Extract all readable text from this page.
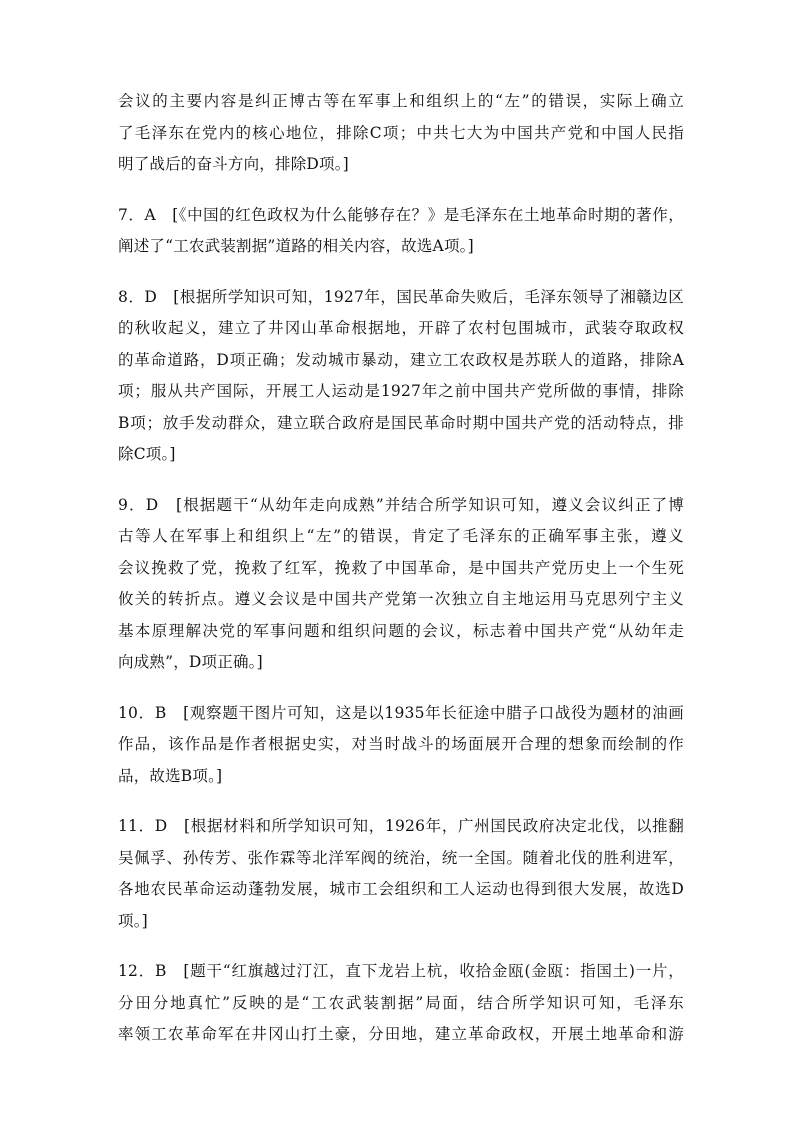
会议的主要内容是纠正博古等在军事上和组织上的“左”的错误，实际上确立
了毛泽东在党内的核心地位，排除C项；中共七大为中国共产党和中国人民指
明了战后的奋斗方向，排除D项。]
7．A　[《中国的红色政权为什么能够存在？》是毛泽东在土地革命时期的著作，
阐述了“工农武装割据”道路的相关内容，故选A项。]
8．D　[根据所学知识可知，1927年，国民革命失败后，毛泽东领导了湘赣边区
的秋收起义，建立了井冈山革命根据地，开辟了农村包围城市，武装夺取政权
的革命道路，D项正确；发动城市暴动，建立工农政权是苏联人的道路，排除A
项；服从共产国际，开展工人运动是1927年之前中国共产党所做的事情，排除
B项；放手发动群众，建立联合政府是国民革命时期中国共产党的活动特点，排
除C项。]
9．D　[根据题干“从幼年走向成熟”并结合所学知识可知，遵义会议纠正了博
古等人在军事上和组织上“左”的错误，肯定了毛泽东的正确军事主张，遵义
会议挽救了党，挽救了红军，挽救了中国革命，是中国共产党历史上一个生死
攸关的转折点。遵义会议是中国共产党第一次独立自主地运用马克思列宁主义
基本原理解决党的军事问题和组织问题的会议，标志着中国共产党“从幼年走
向成熟”，D项正确。]
10．B　[观察题干图片可知，这是以1935年长征途中腊子口战役为题材的油画
作品，该作品是作者根据史实，对当时战斗的场面展开合理的想象而绘制的作
品，故选B项。]
11．D　[根据材料和所学知识可知，1926年，广州国民政府决定北伐，以推翻
吴佩孚、孙传芳、张作霖等北洋军阀的统治，统一全国。随着北伐的胜利进军，
各地农民革命运动蓬勃发展，城市工会组织和工人运动也得到很大发展，故选D
项。]
12．B　[题干“红旗越过汀江，直下龙岩上杭，收拾金瓯(金瓯：指国土)一片，
分田分地真忙”反映的是“工农武装割据”局面，结合所学知识可知，毛泽东
率领工农革命军在井冈山打土豪，分田地，建立革命政权，开展土地革命和游
